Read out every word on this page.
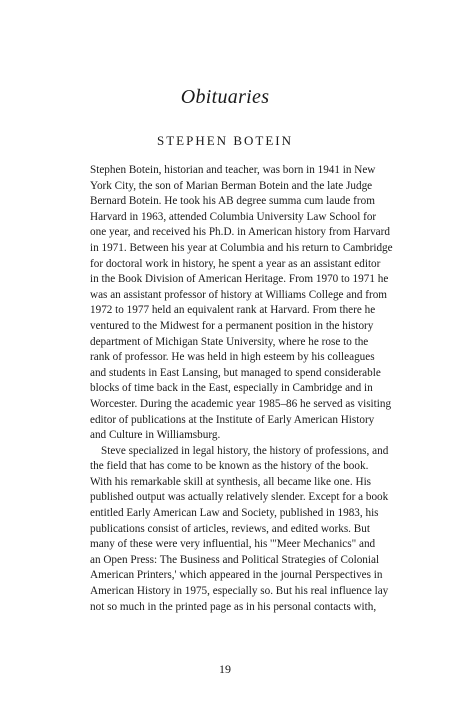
Obituaries
STEPHEN BOTEIN
Stephen Botein, historian and teacher, was born in 1941 in New
York City, the son of Marian Berman Botein and the late Judge
Bernard Botein. He took his AB degree summa cum laude from
Harvard in 1963, attended Columbia University Law School for
one year, and received his Ph.D. in American history from Harvard
in 1971. Between his year at Columbia and his return to Cambridge
for doctoral work in history, he spent a year as an assistant editor
in the Book Division of American Heritage. From 1970 to 1971 he
was an assistant professor of history at Williams College and from
1972 to 1977 held an equivalent rank at Harvard. From there he
ventured to the Midwest for a permanent position in the history
department of Michigan State University, where he rose to the
rank of professor. He was held in high esteem by his colleagues
and students in East Lansing, but managed to spend considerable
blocks of time back in the East, especially in Cambridge and in
Worcester. During the academic year 1985–86 he served as visiting
editor of publications at the Institute of Early American History
and Culture in Williamsburg.
Steve specialized in legal history, the history of professions, and
the field that has come to be known as the history of the book.
With his remarkable skill at synthesis, all became like one. His
published output was actually relatively slender. Except for a book
entitled Early American Law and Society, published in 1983, his
publications consist of articles, reviews, and edited works. But
many of these were very influential, his '"Meer Mechanics" and
an Open Press: The Business and Political Strategies of Colonial
American Printers,' which appeared in the journal Perspectives in
American History in 1975, especially so. But his real influence lay
not so much in the printed page as in his personal contacts with,
19
